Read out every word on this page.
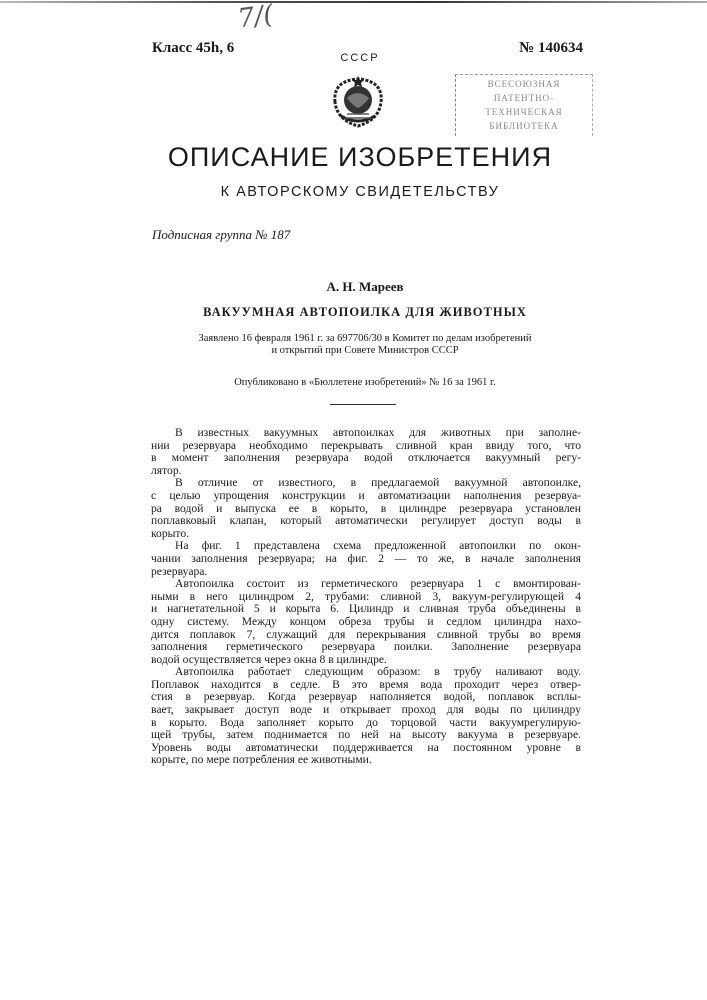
7/(
Класс 45h, 6	№ 140634
СССР
ВСЕСОЮЗНАЯ
ПАТЕНТНО-
ТЕХНИЧЕСКАЯ
БИБЛИОТЕКА
ОПИСАНИЕ ИЗОБРЕТЕНИЯ
К АВТОРСКОМУ СВИДЕТЕЛЬСТВУ
Подписная группа № 187
А. Н. Мареев
ВАКУУМНАЯ АВТОПОИЛКА ДЛЯ ЖИВОТНЫХ
Заявлено 16 февраля 1961 г. за 697706/30 в Комитет по делам изобретений
и открытий при Совете Министров СССР
Опубликовано в «Бюллетене изобретений» № 16 за 1961 г.
В известных вакуумных автопоилках для животных при заполне-
нии резервуара необходимо перекрывать сливной кран ввиду того, что
в момент заполнения резервуара водой отключается вакуумный регу-
лятор.
В отличие от известного, в предлагаемой вакуумной автопоилке,
с целью упрощения конструкции и автоматизации наполнения резервуа-
ра водой и выпуска ее в корыто, в цилиндре резервуара установлен
поплавковый клапан, который автоматически регулирует доступ воды в
корыто.
На фиг. 1 представлена схема предложенной автопоилки по окон-
чании заполнения резервуара; на фиг. 2 — то же, в начале заполнения
резервуара.
Автопоилка состоит из герметического резервуара 1 с вмонтирован-
ными в него цилиндром 2, трубами: сливной 3, вакуум-регулирующей 4
и нагнетательной 5 и корыта 6. Цилиндр и сливная труба объединены в
одну систему. Между концом обреза трубы и седлом цилиндра нахо-
дится поплавок 7, служащий для перекрывания сливной трубы во время
заполнения герметического резервуара поилки. Заполнение резервуара
водой осуществляется через окна 8 в цилиндре.
Автопоилка работает следующим образом: в трубу наливают воду.
Поплавок находится в седле. В это время вода проходит через отвер-
стия в резервуар. Когда резервуар наполняется водой, поплавок всплы-
вает, закрывает доступ воде и открывает проход для воды по цилиндру
в корыто. Вода заполняет корыто до торцовой части вакуумрегулирую-
щей трубы, затем поднимается по ней на высоту вакуума в резервуаре.
Уровень воды автоматически поддерживается на постоянном уровне в
корыте, по мере потребления ее животными.
